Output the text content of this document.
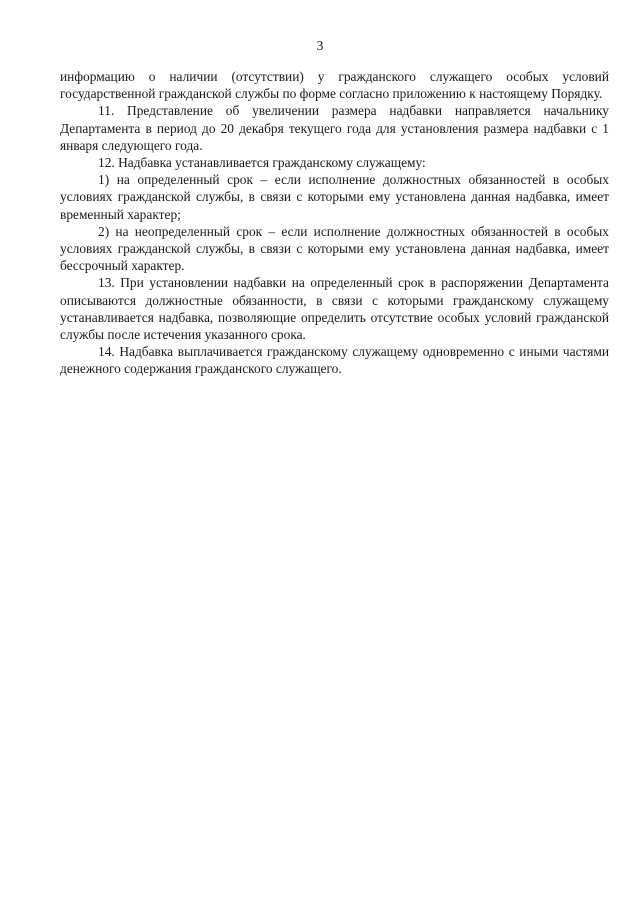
3

информацию о наличии (отсутствии) у гражданского служащего особых условий государственной гражданской службы по форме согласно приложению к настоящему Порядку.

11. Представление об увеличении размера надбавки направляется начальнику Департамента в период до 20 декабря текущего года для установления размера надбавки с 1 января следующего года.

12. Надбавка устанавливается гражданскому служащему:

1) на определенный срок – если исполнение должностных обязанностей в особых условиях гражданской службы, в связи с которыми ему установлена данная надбавка, имеет временный характер;

2) на неопределенный срок – если исполнение должностных обязанностей в особых условиях гражданской службы, в связи с которыми ему установлена данная надбавка, имеет бессрочный характер.

13. При установлении надбавки на определенный срок в распоряжении Департамента описываются должностные обязанности, в связи с которыми гражданскому служащему устанавливается надбавка, позволяющие определить отсутствие особых условий гражданской службы после истечения указанного срока.

14. Надбавка выплачивается гражданскому служащему одновременно с иными частями денежного содержания гражданского служащего.
